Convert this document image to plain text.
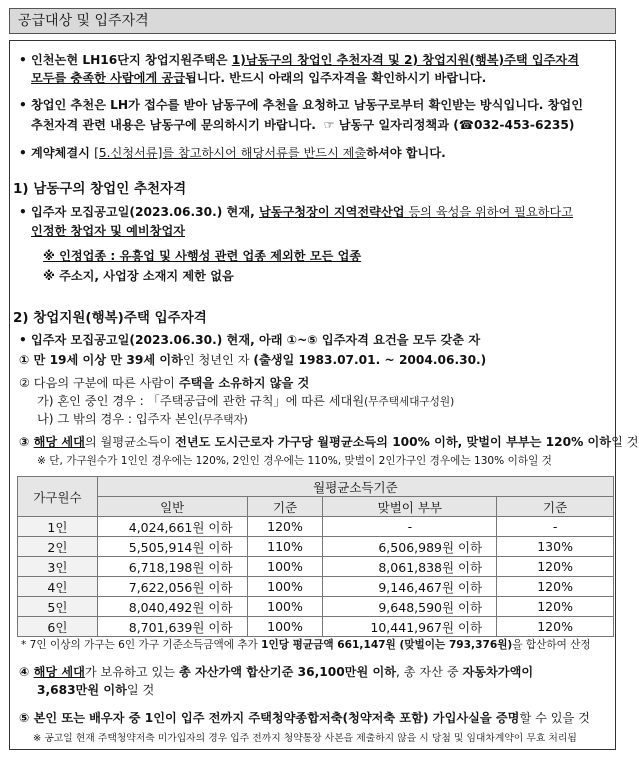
공급대상 및 입주자격
• 인천논현 LH16단지 창업지원주택은 1)남동구의 창업인 추천자격 및 2) 창업지원(행복)주택 입주자격
모두를 충족한 사람에게 공급됩니다. 반드시 아래의 입주자격을 확인하시기 바랍니다.
• 창업인 추천은 LH가 접수를 받아 남동구에 추천을 요청하고 남동구로부터 확인받는 방식입니다. 창업인
추천자격 관련 내용은 남동구에 문의하시기 바랍니다. ☞ 남동구 일자리정책과 (☎032-453-6235)
• 계약체결시 [5.신청서류]를 참고하시어 해당서류를 반드시 제출하셔야 합니다.
1) 남동구의 창업인 추천자격
• 입주자 모집공고일(2023.06.30.) 현재, 남동구청장이 지역전략산업 등의 육성을 위하여 필요하다고
인정한 창업자 및 예비창업자
※ 인정업종 : 유흥업 및 사행성 관련 업종 제외한 모든 업종
※ 주소지, 사업장 소재지 제한 없음
2) 창업지원(행복)주택 입주자격
• 입주자 모집공고일(2023.06.30.) 현재, 아래 ①~⑤ 입주자격 요건을 모두 갖춘 자
① 만 19세 이상 만 39세 이하인 청년인 자 (출생일 1983.07.01. ~ 2004.06.30.)
② 다음의 구분에 따른 사람이 주택을 소유하지 않을 것
가) 혼인 중인 경우 : 「주택공급에 관한 규칙」에 따른 세대원(무주택세대구성원)
나) 그 밖의 경우 : 입주자 본인(무주택자)
③ 해당 세대의 월평균소득이 전년도 도시근로자 가구당 월평균소득의 100% 이하, 맞벌이 부부는 120% 이하일 것
※ 단, 가구원수가 1인인 경우에는 120%, 2인인 경우에는 110%, 맞벌이 2인가구인 경우에는 130% 이하일 것
가구원수	월평균소득기준			
	일반	기준	맞벌이 부부	기준
1인	4,024,661원 이하	120%	-	-
2인	5,505,914원 이하	110%	6,506,989원 이하	130%
3인	6,718,198원 이하	100%	8,061,838원 이하	120%
4인	7,622,056원 이하	100%	9,146,467원 이하	120%
5인	8,040,492원 이하	100%	9,648,590원 이하	120%
6인	8,701,639원 이하	100%	10,441,967원 이하	120%
* 7인 이상의 가구는 6인 가구 기준소득금액에 추가 1인당 평균금액 661,147원 (맞벌이는 793,376원)을 합산하여 산정
④ 해당 세대가 보유하고 있는 총 자산가액 합산기준 36,100만원 이하, 총 자산 중 자동차가액이
3,683만원 이하일 것
⑤ 본인 또는 배우자 중 1인이 입주 전까지 주택청약종합저축(청약저축 포함) 가입사실을 증명할 수 있을 것
※ 공고일 현재 주택청약저축 미가입자의 경우 입주 전까지 청약통장 사본을 제출하지 않을 시 당첨 및 임대차계약이 무효 처리됨
